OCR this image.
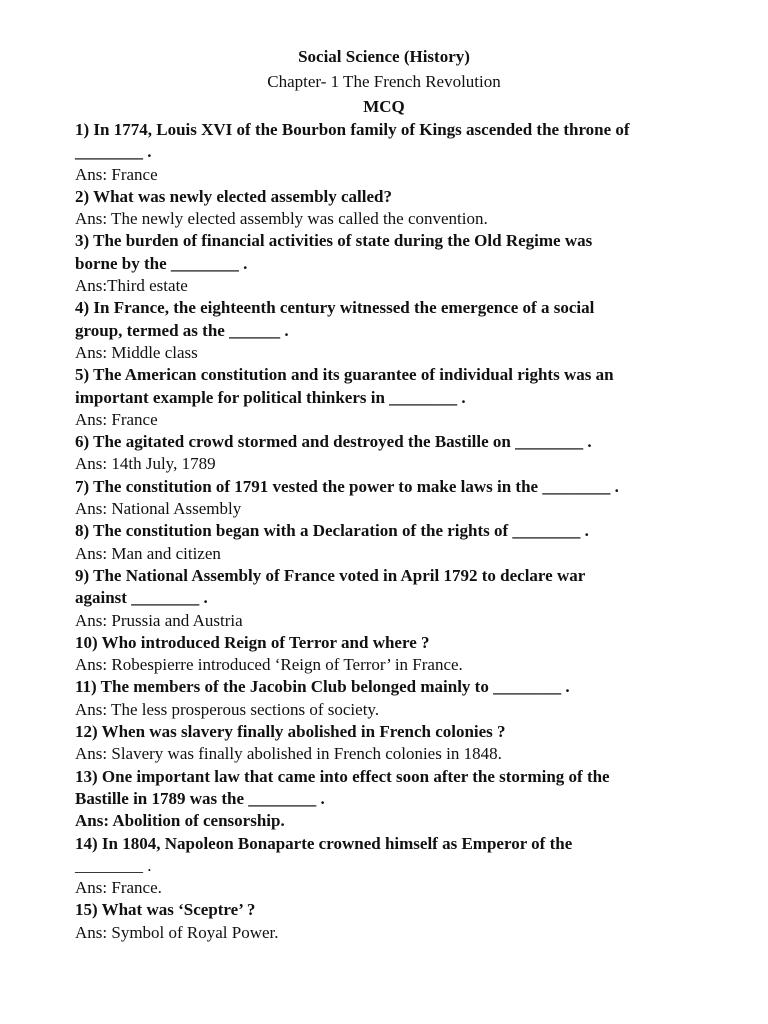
Social Science (History)
Chapter- 1 The French Revolution
MCQ
1) In 1774, Louis XVI of the Bourbon family of Kings ascended the throne of
________ .
Ans: France
2) What was newly elected assembly called?
Ans: The newly elected assembly was called the convention.
3) The burden of financial activities of state during the Old Regime was
borne by the ________ .
Ans:Third estate
4) In France, the eighteenth century witnessed the emergence of a social
group, termed as the ______ .
Ans: Middle class
5) The American constitution and its guarantee of individual rights was an
important example for political thinkers in ________ .
Ans: France
6) The agitated crowd stormed and destroyed the Bastille on ________ .
Ans: 14th July, 1789
7) The constitution of 1791 vested the power to make laws in the ________ .
Ans: National Assembly
8) The constitution began with a Declaration of the rights of ________ .
Ans: Man and citizen
9) The National Assembly of France voted in April 1792 to declare war
against ________ .
Ans: Prussia and Austria
10) Who introduced Reign of Terror and where ?
Ans: Robespierre introduced ‘Reign of Terror’ in France.
11) The members of the Jacobin Club belonged mainly to ________ .
Ans: The less prosperous sections of society.
12) When was slavery finally abolished in French colonies ?
Ans: Slavery was finally abolished in French colonies in 1848.
13) One important law that came into effect soon after the storming of the
Bastille in 1789 was the ________ .
Ans: Abolition of censorship.
14) In 1804, Napoleon Bonaparte crowned himself as Emperor of the
________ .
Ans: France.
15) What was ‘Sceptre’ ?
Ans: Symbol of Royal Power.
